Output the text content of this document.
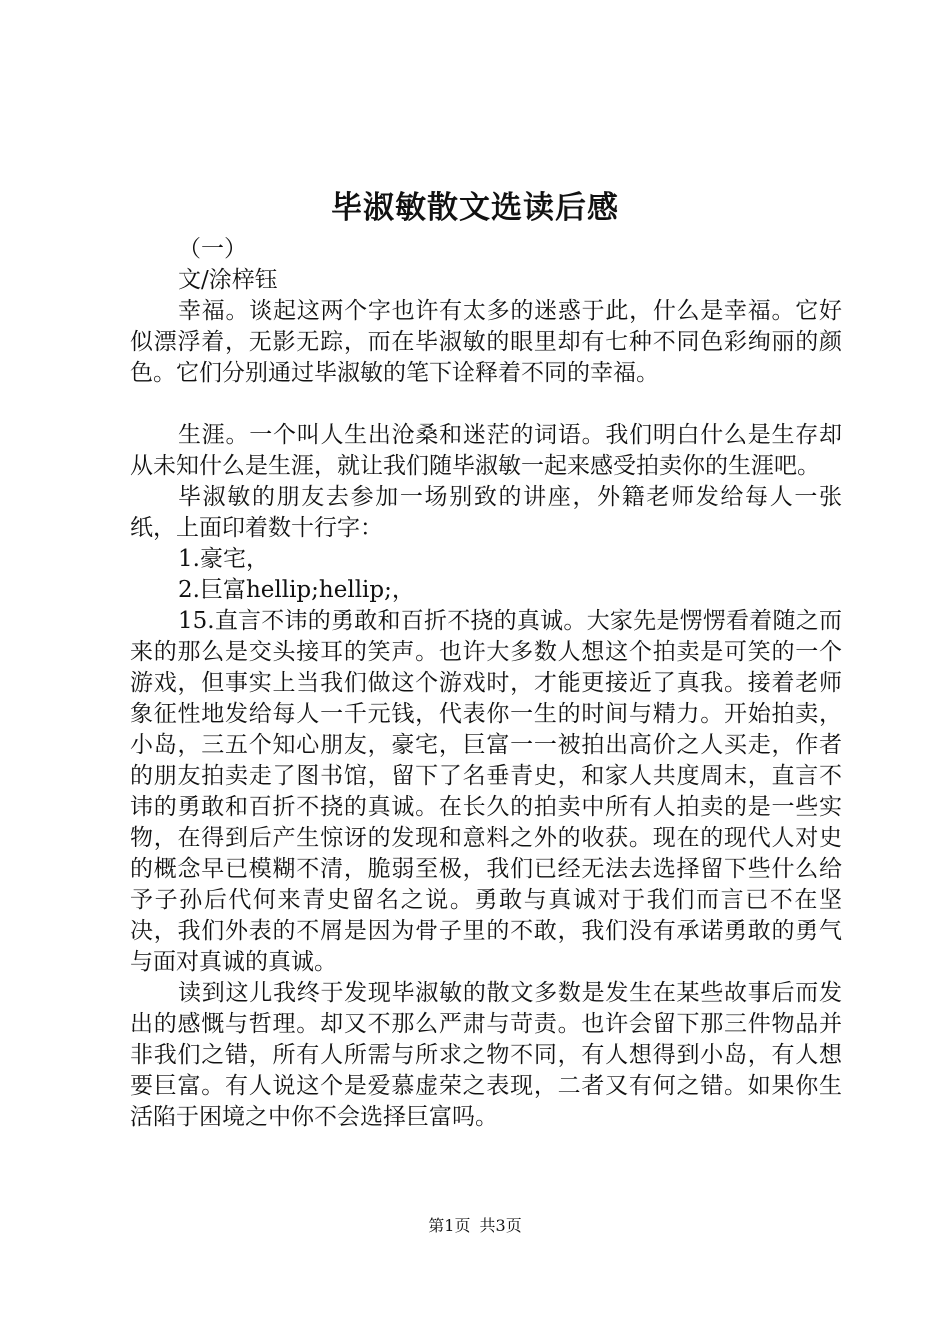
毕淑敏散文选读后感

（一）

文/涂梓钰

幸福。谈起这两个字也许有太多的迷惑于此，什么是幸福。它好似漂浮着，无影无踪，而在毕淑敏的眼里却有七种不同色彩绚丽的颜色。它们分别通过毕淑敏的笔下诠释着不同的幸福。

生涯。一个叫人生出沧桑和迷茫的词语。我们明白什么是生存却从未知什么是生涯，就让我们随毕淑敏一起来感受拍卖你的生涯吧。

毕淑敏的朋友去参加一场别致的讲座，外籍老师发给每人一张纸，上面印着数十行字：

1.豪宅，

2.巨富hellip;hellip;，

15.直言不讳的勇敢和百折不挠的真诚。大家先是愣愣看着随之而来的那么是交头接耳的笑声。也许大多数人想这个拍卖是可笑的一个游戏，但事实上当我们做这个游戏时，才能更接近了真我。接着老师象征性地发给每人一千元钱，代表你一生的时间与精力。开始拍卖，小岛，三五个知心朋友，豪宅，巨富一一被拍出高价之人买走，作者的朋友拍卖走了图书馆，留下了名垂青史，和家人共度周末，直言不讳的勇敢和百折不挠的真诚。在长久的拍卖中所有人拍卖的是一些实物，在得到后产生惊讶的发现和意料之外的收获。现在的现代人对史的概念早已模糊不清，脆弱至极，我们已经无法去选择留下些什么给予子孙后代何来青史留名之说。勇敢与真诚对于我们而言已不在坚决，我们外表的不屑是因为骨子里的不敢，我们没有承诺勇敢的勇气与面对真诚的真诚。

读到这儿我终于发现毕淑敏的散文多数是发生在某些故事后而发出的感慨与哲理。却又不那么严肃与苛责。也许会留下那三件物品并非我们之错，所有人所需与所求之物不同，有人想得到小岛，有人想要巨富。有人说这个是爱慕虚荣之表现，二者又有何之错。如果你生活陷于困境之中你不会选择巨富吗。

第1页 共3页
